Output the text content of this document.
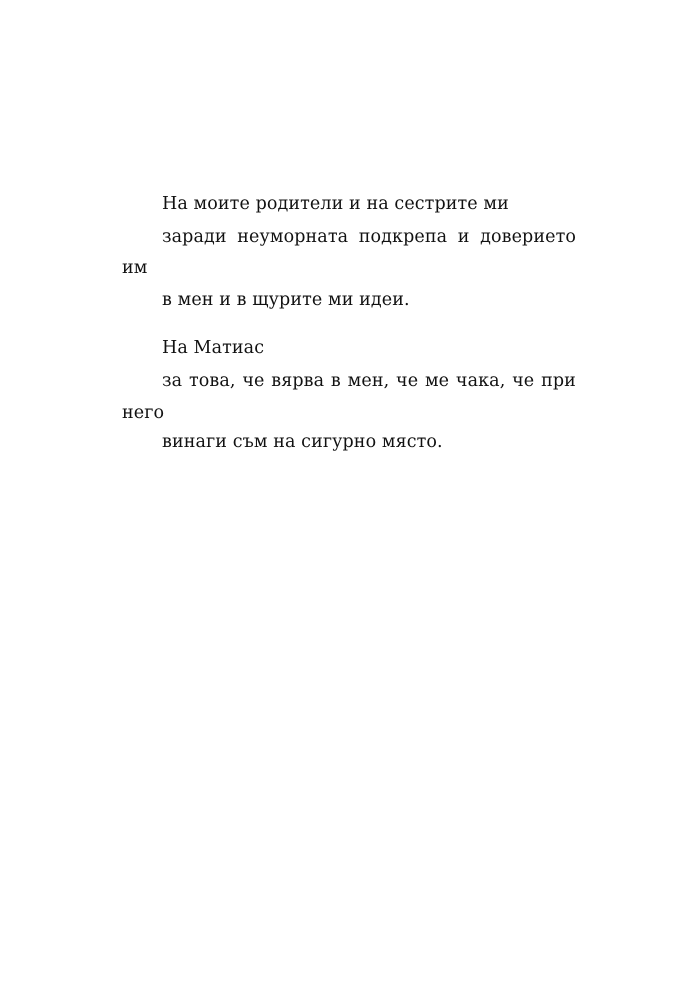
На моите родители и на сестрите ми
заради неуморната подкрепа и доверието
им
в мен и в щурите ми идеи.
На Матиас
за това, че вярва в мен, че ме чака, че при
него
винаги съм на сигурно място.
